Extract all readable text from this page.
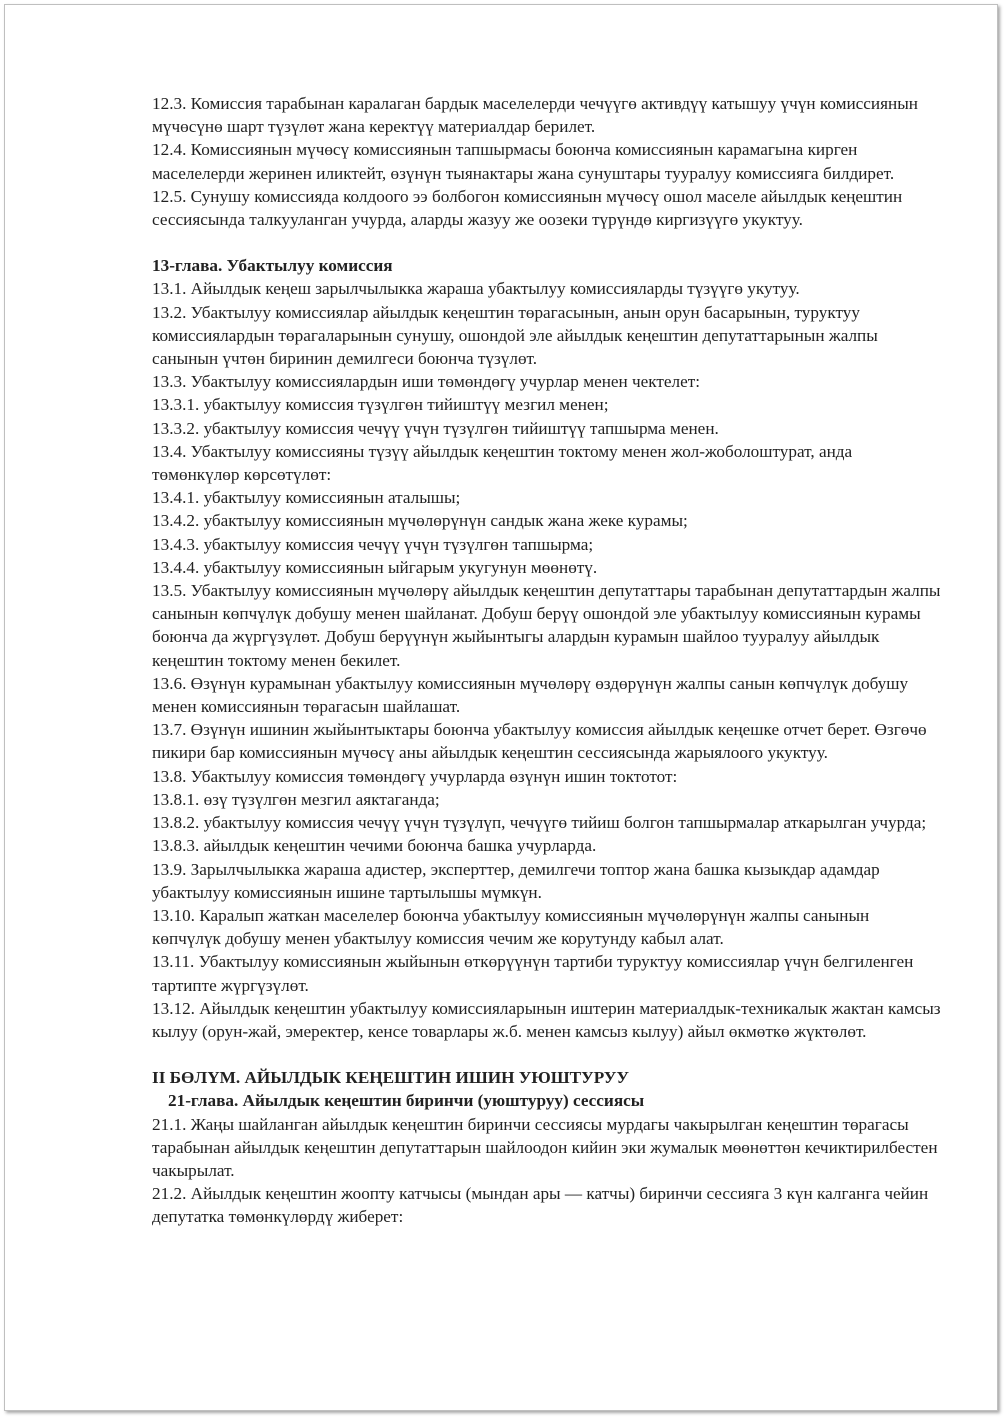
12.3. Комиссия тарабынан каралаган бардык маселелерди чечүүгө активдүү катышуу үчүн комиссиянын мүчөсүнө шарт түзүлөт жана керектүү материалдар берилет.

12.4. Комиссиянын мүчөсү комиссиянын тапшырмасы боюнча комиссиянын карамагына кирген маселелерди жеринен иликтейт, өзүнүн тыянактары жана сунуштары тууралуу комиссияга билдирет.

12.5. Сунушу комиссияда колдоого ээ болбогон комиссиянын мүчөсү ошол маселе айылдык кеңештин сессиясында талкууланган учурда, аларды жазуу же оозеки түрүндө киргизүүгө укуктуу.

13-глава. Убактылуу комиссия

13.1. Айылдык кеңеш зарылчылыкка жараша убактылуу комиссияларды түзүүгө укутуу.

13.2. Убактылуу комиссиялар айылдык кеңештин төрагасынын, анын орун басарынын, туруктуу комиссиялардын төрагаларынын сунушу, ошондой эле айылдык кеңештин депутаттарынын жалпы санынын үчтөн биринин демилгеси боюнча түзүлөт.

13.3. Убактылуу комиссиялардын иши төмөндөгү учурлар менен чектелет:

13.3.1. убактылуу комиссия түзүлгөн тийиштүү мезгил менен;

13.3.2. убактылуу комиссия чечүү үчүн түзүлгөн тийиштүү тапшырма менен.

13.4. Убактылуу комиссияны түзүү айылдык кеңештин токтому менен жол-жоболоштурат, анда төмөнкүлөр көрсөтүлөт:

13.4.1. убактылуу комиссиянын аталышы;

13.4.2. убактылуу комиссиянын мүчөлөрүнүн сандык жана жеке курамы;

13.4.3. убактылуу комиссия чечүү үчүн түзүлгөн тапшырма;

13.4.4. убактылуу комиссиянын ыйгарым укугунун мөөнөтү.

13.5. Убактылуу комиссиянын мүчөлөрү айылдык кеңештин депутаттары тарабынан депутаттардын жалпы санынын көпчүлүк добушу менен шайланат. Добуш берүү ошондой эле убактылуу комиссиянын курамы боюнча да жүргүзүлөт. Добуш берүүнүн жыйынтыгы алардын курамын шайлоо тууралуу айылдык кеңештин токтому менен бекилет.

13.6. Өзүнүн курамынан убактылуу комиссиянын мүчөлөрү өздөрүнүн жалпы санын көпчүлүк добушу менен комиссиянын төрагасын шайлашат.

13.7. Өзүнүн ишинин жыйынтыктары боюнча убактылуу комиссия айылдык кеңешке отчет берет. Өзгөчө пикири бар комиссиянын мүчөсү аны айылдык кеңештин сессиясында жарыялоого укуктуу.

13.8. Убактылуу комиссия төмөндөгү учурларда өзүнүн ишин токтотот:

13.8.1. өзү түзүлгөн мезгил аяктаганда;

13.8.2. убактылуу комиссия чечүү үчүн түзүлүп, чечүүгө тийиш болгон тапшырмалар аткарылган учурда;

13.8.3. айылдык кеңештин чечими боюнча башка учурларда.

13.9. Зарылчылыкка жараша адистер, эксперттер, демилгечи топтор жана башка кызыкдар адамдар убактылуу комиссиянын ишине тартылышы мүмкүн.

13.10. Каралып жаткан маселелер боюнча убактылуу комиссиянын мүчөлөрүнүн жалпы санынын көпчүлүк добушу менен убактылуу комиссия чечим же корутунду кабыл алат.

13.11. Убактылуу комиссиянын жыйынын өткөрүүнүн тартиби туруктуу комиссиялар үчүн белгиленген тартипте жүргүзүлөт.

13.12. Айылдык кеңештин убактылуу комиссияларынын иштерин материалдык-техникалык жактан камсыз кылуу (орун-жай, эмеректер, кенсе товарлары ж.б. менен камсыз кылуу) айыл өкмөткө жүктөлөт.

II БӨЛҮМ. АЙЫЛДЫК КЕҢЕШТИН ИШИН УЮШТУРУУ

21-глава. Айылдык кеңештин биринчи (уюштуруу) сессиясы

21.1. Жаңы шайланган айылдык кеңештин биринчи сессиясы мурдагы чакырылган кеңештин төрагасы тарабынан айылдык кеңештин депутаттарын шайлоодон кийин эки жумалык мөөнөттөн кечиктирилбестен чакырылат.

21.2. Айылдык кеңештин жоопту катчысы (мындан ары — катчы) биринчи сессияга 3 күн калганга чейин депутатка төмөнкүлөрдү жиберет:
